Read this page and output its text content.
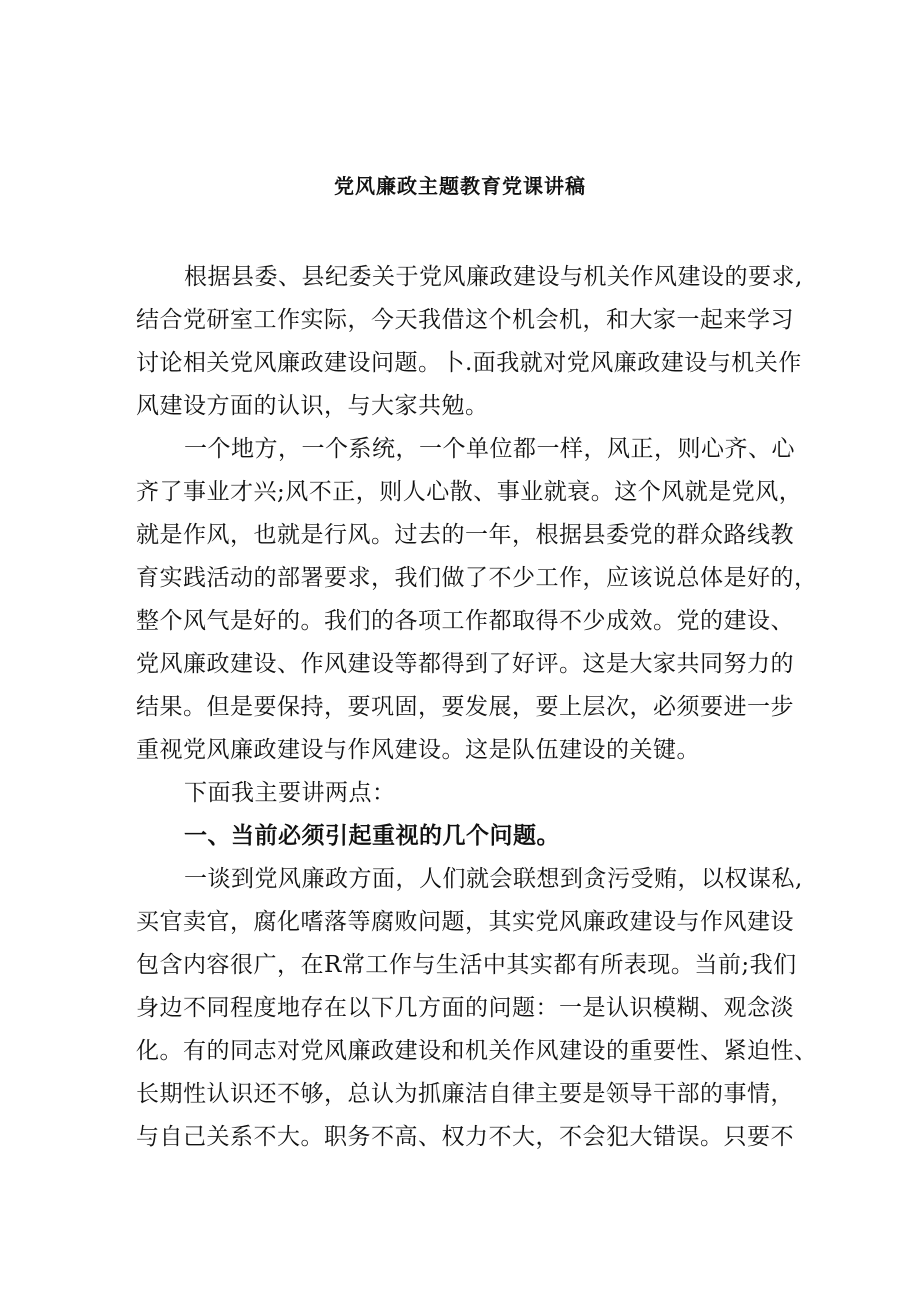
党风廉政主题教育党课讲稿
根据县委、县纪委关于党风廉政建设与机关作风建设的要求,
结合党研室工作实际，今天我借这个机会机，和大家一起来学习
讨论相关党风廉政建设问题。卜.面我就对党风廉政建设与机关作
风建设方面的认识，与大家共勉。
一个地方，一个系统，一个单位都一样，风正，则心齐、心
齐了事业才兴;风不正，则人心散、事业就衰。这个风就是党风，
就是作风，也就是行风。过去的一年，根据县委党的群众路线教
育实践活动的部署要求，我们做了不少工作，应该说总体是好的，
整个风气是好的。我们的各项工作都取得不少成效。党的建设、
党风廉政建设、作风建设等都得到了好评。这是大家共同努力的
结果。但是要保持，要巩固，要发展，要上层次，必须要进一步
重视党风廉政建设与作风建设。这是队伍建设的关键。
下面我主要讲两点：
一、当前必须引起重视的几个问题。
一谈到党风廉政方面，人们就会联想到贪污受贿，以权谋私,
买官卖官，腐化嗜落等腐败问题，其实党风廉政建设与作风建设
包含内容很广，在R常工作与生活中其实都有所表现。当前;我们
身边不同程度地存在以下几方面的问题：一是认识模糊、观念淡
化。有的同志对党风廉政建设和机关作风建设的重要性、紧迫性、
长期性认识还不够，总认为抓廉洁自律主要是领导干部的事情，
与自己关系不大。职务不高、权力不大，不会犯大错误。只要不
